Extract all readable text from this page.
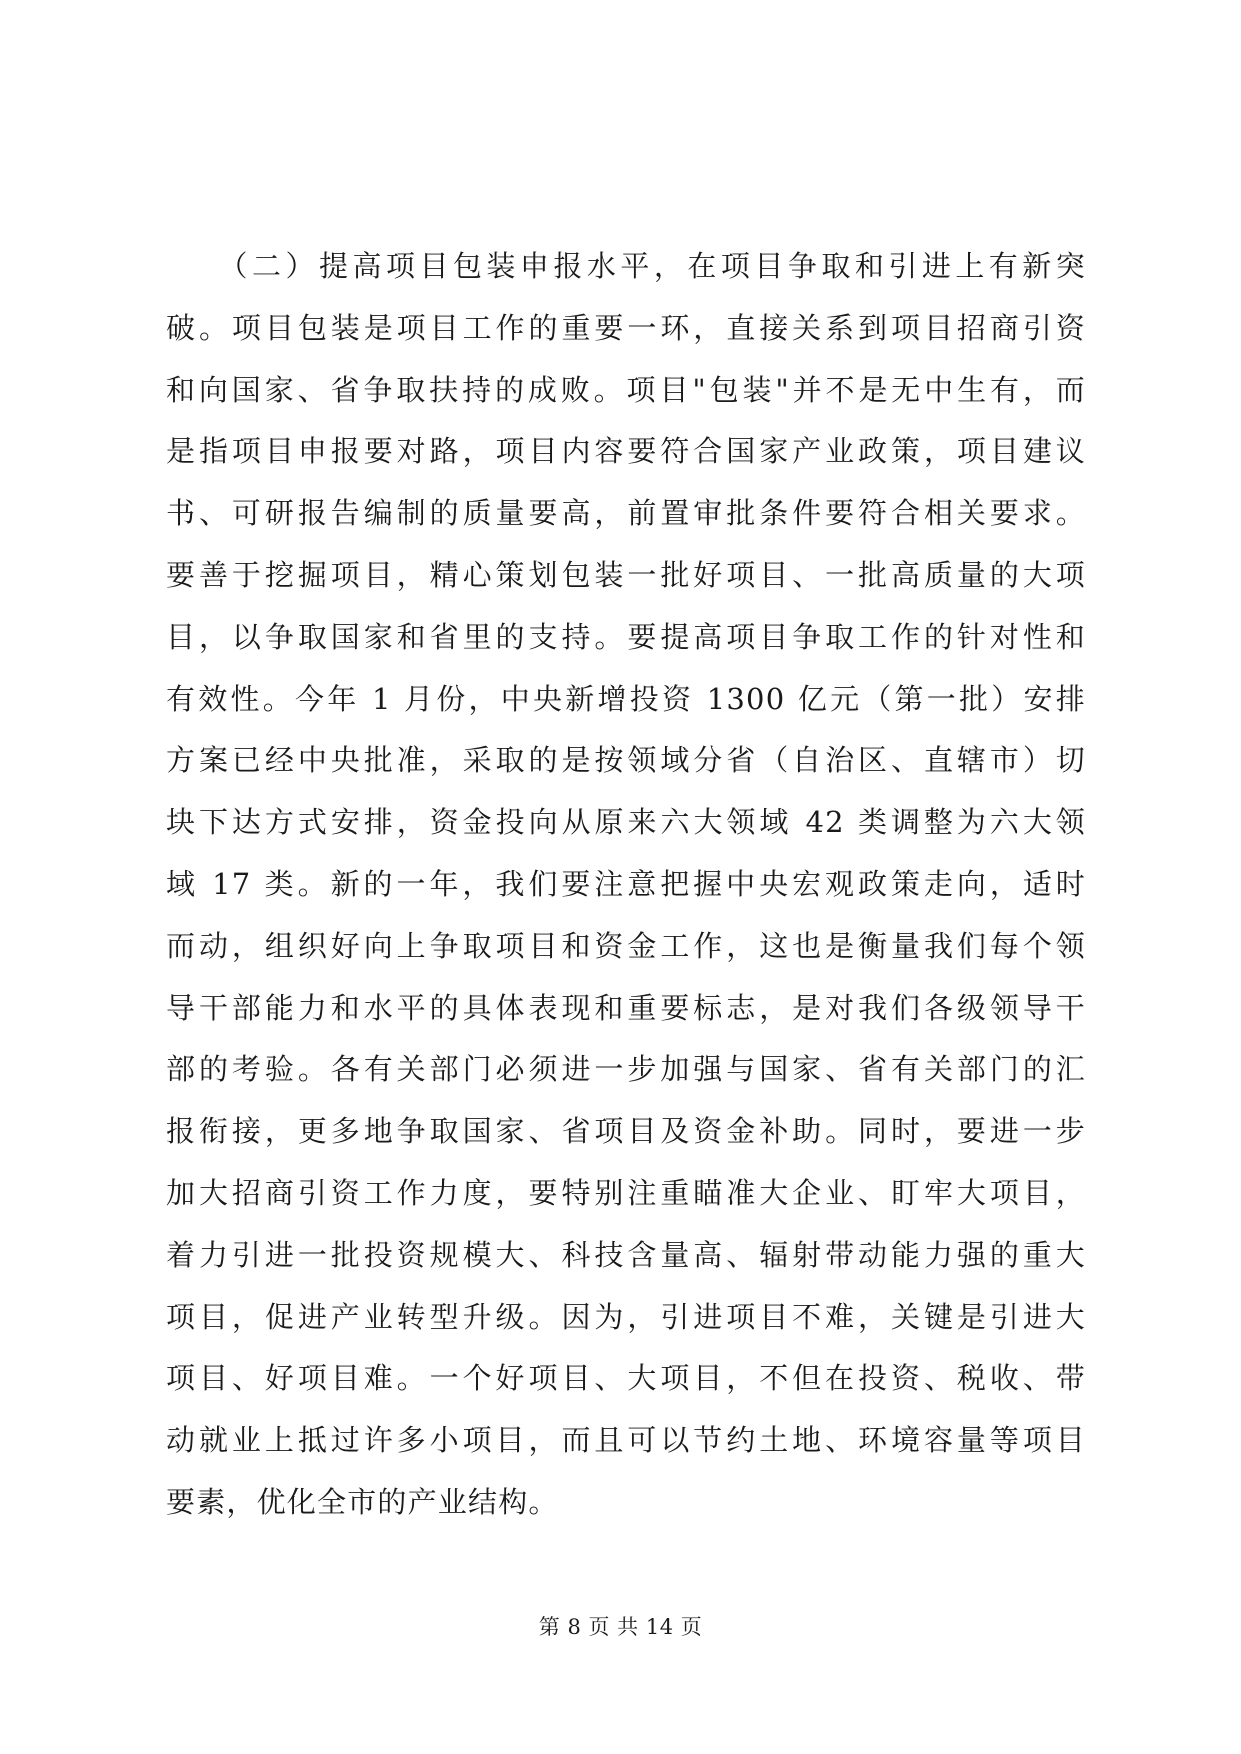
　　（二）提高项目包装申报水平，在项目争取和引进上有新突
破。项目包装是项目工作的重要一环，直接关系到项目招商引资
和向国家、省争取扶持的成败。项目"包装"并不是无中生有，而
是指项目申报要对路，项目内容要符合国家产业政策，项目建议
书、可研报告编制的质量要高，前置审批条件要符合相关要求。
要善于挖掘项目，精心策划包装一批好项目、一批高质量的大项
目，以争取国家和省里的支持。要提高项目争取工作的针对性和
有效性。今年 1 月份，中央新增投资 1300 亿元（第一批）安排
方案已经中央批准，采取的是按领域分省（自治区、直辖市）切
块下达方式安排，资金投向从原来六大领域 42 类调整为六大领
域 17 类。新的一年，我们要注意把握中央宏观政策走向，适时
而动，组织好向上争取项目和资金工作，这也是衡量我们每个领
导干部能力和水平的具体表现和重要标志，是对我们各级领导干
部的考验。各有关部门必须进一步加强与国家、省有关部门的汇
报衔接，更多地争取国家、省项目及资金补助。同时，要进一步
加大招商引资工作力度，要特别注重瞄准大企业、盯牢大项目，
着力引进一批投资规模大、科技含量高、辐射带动能力强的重大
项目，促进产业转型升级。因为，引进项目不难，关键是引进大
项目、好项目难。一个好项目、大项目，不但在投资、税收、带
动就业上抵过许多小项目，而且可以节约土地、环境容量等项目
要素，优化全市的产业结构。
第 8 页 共 14 页
